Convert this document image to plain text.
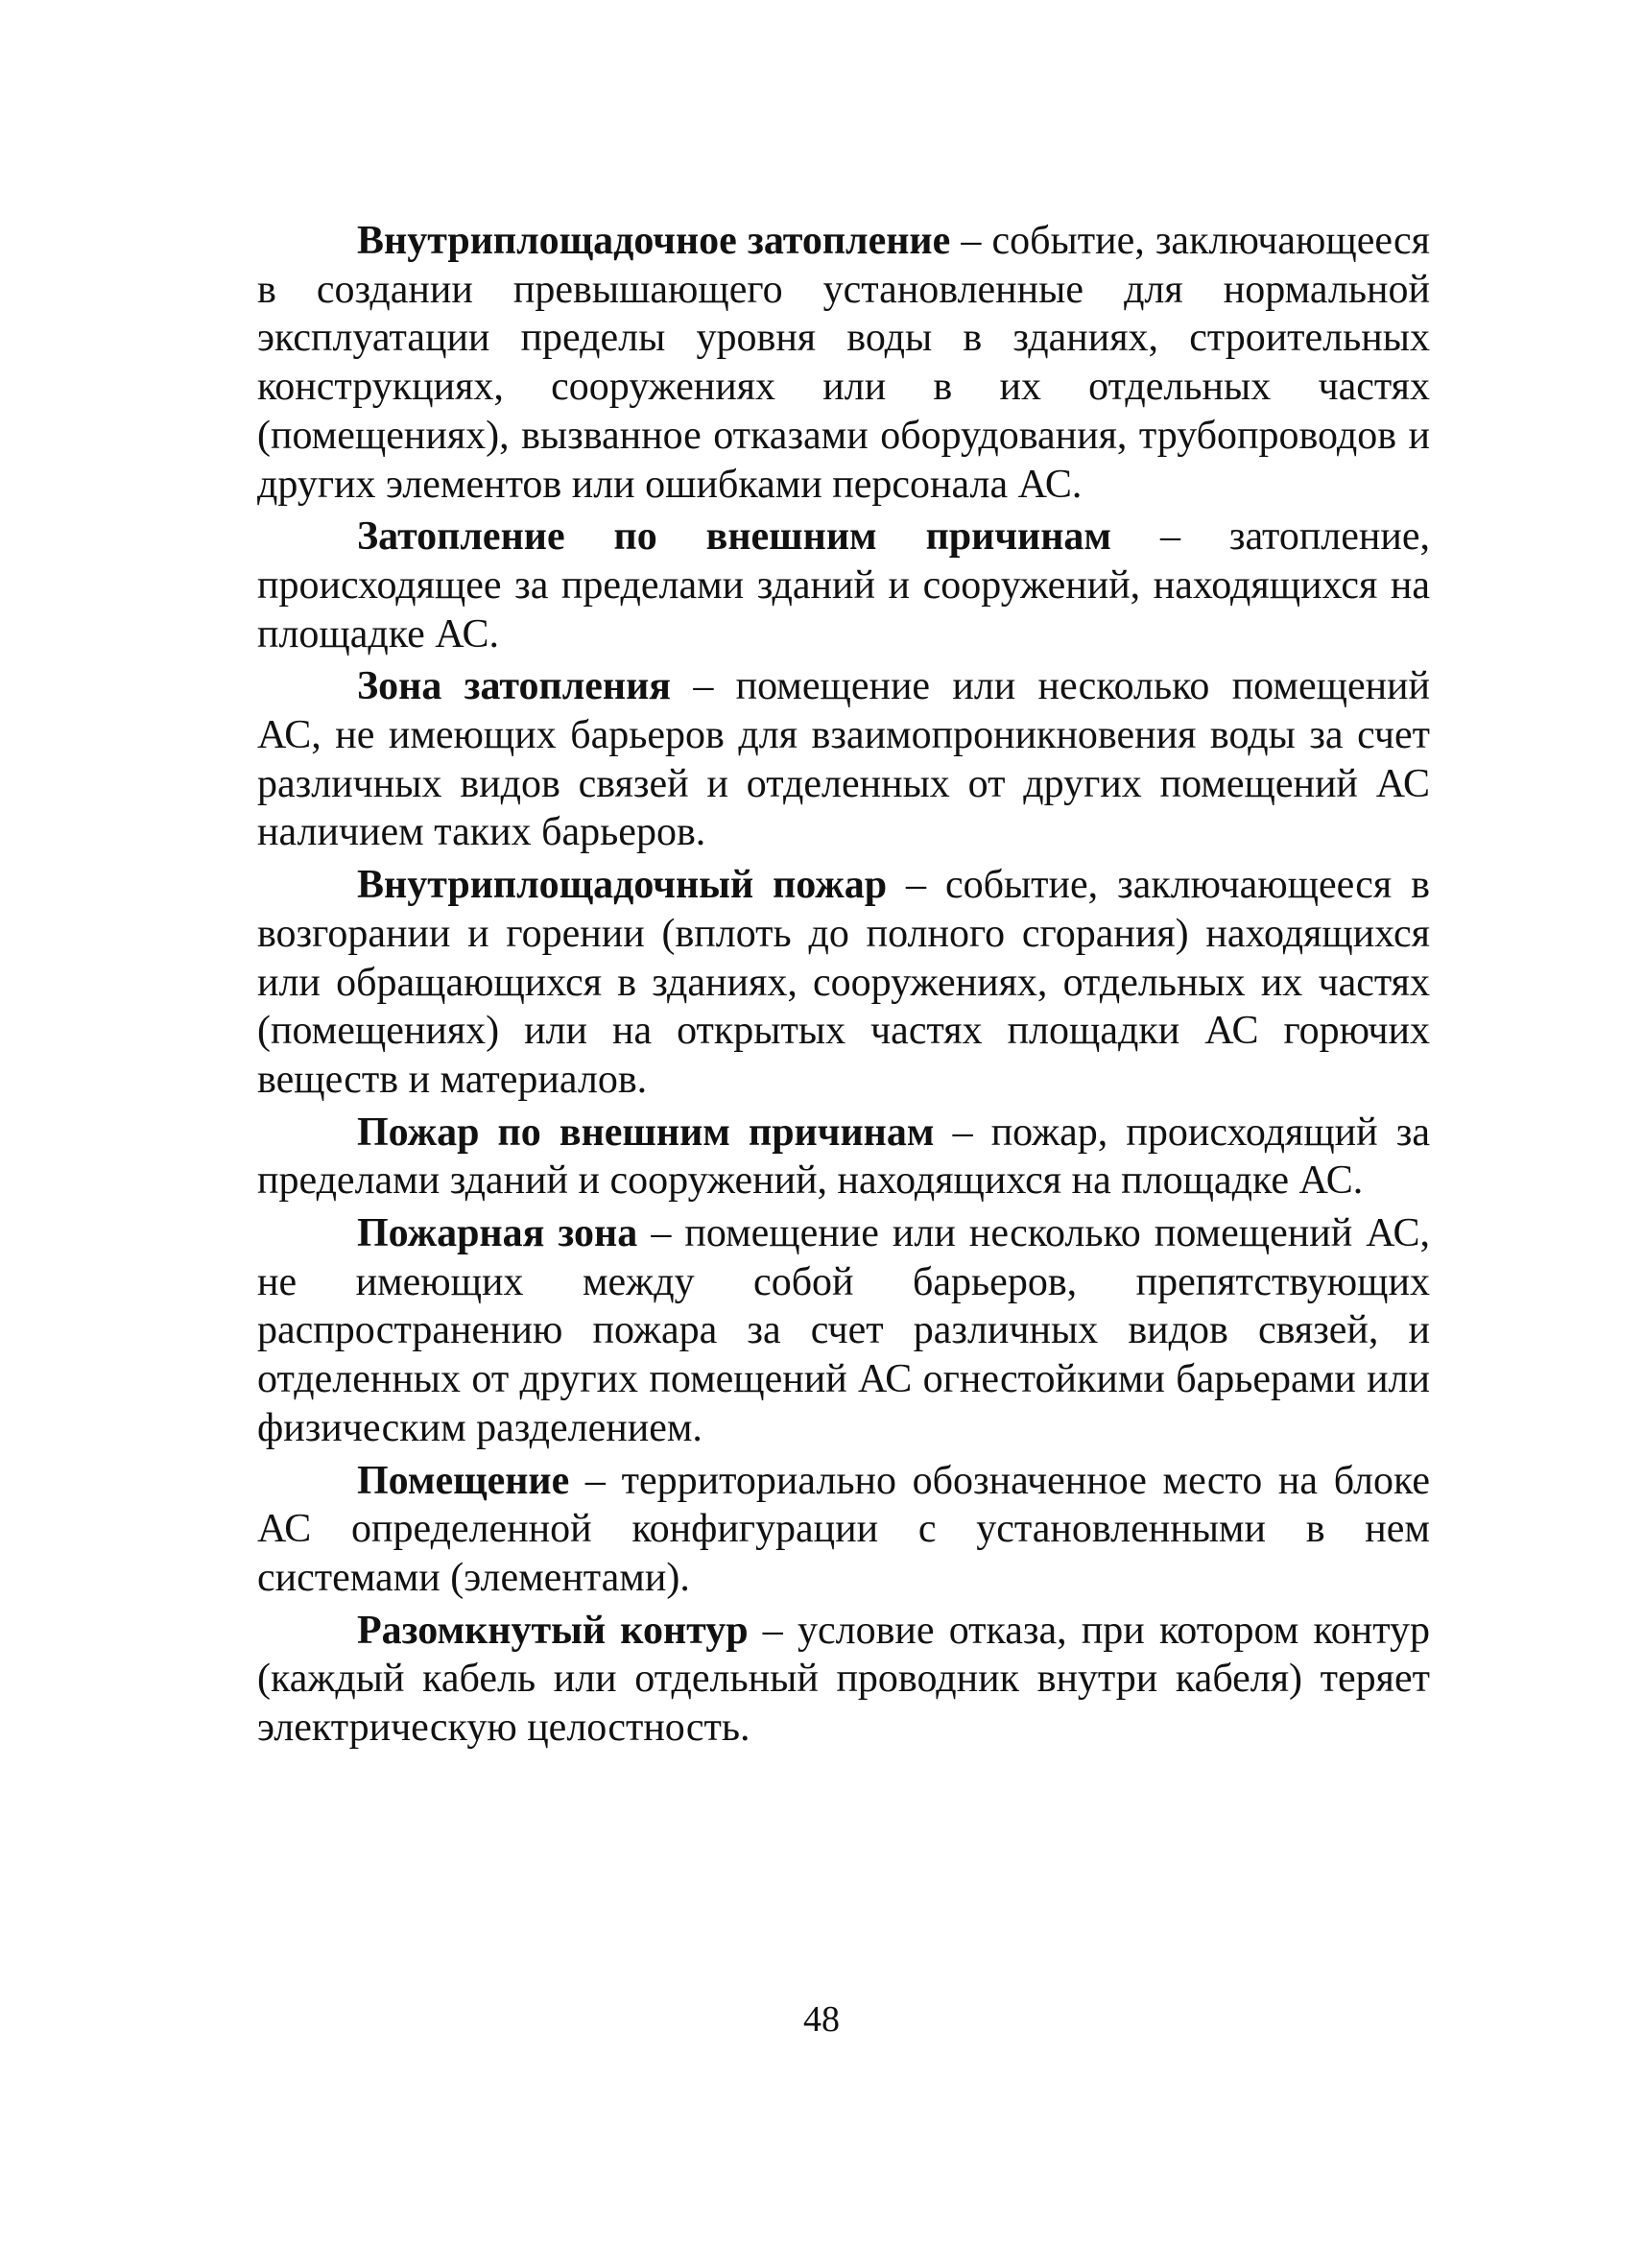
Внутриплощадочное затопление – событие, заключающееся в создании превышающего установленные для нормальной эксплуатации пределы уровня воды в зданиях, строительных конструкциях, сооружениях или в их отдельных частях (помещениях), вызванное отказами оборудования, трубопроводов и других элементов или ошибками персонала АС.

Затопление по внешним причинам – затопление, происходящее за пределами зданий и сооружений, находящихся на площадке АС.

Зона затопления – помещение или несколько помещений АС, не имеющих барьеров для взаимопроникновения воды за счет различных видов связей и отделенных от других помещений АС наличием таких барьеров.

Внутриплощадочный пожар – событие, заключающееся в возгорании и горении (вплоть до полного сгорания) находящихся или обращающихся в зданиях, сооружениях, отдельных их частях (помещениях) или на открытых частях площадки АС горючих веществ и материалов.

Пожар по внешним причинам – пожар, происходящий за пределами зданий и сооружений, находящихся на площадке АС.

Пожарная зона – помещение или несколько помещений АС, не имеющих между собой барьеров, препятствующих распространению пожара за счет различных видов связей, и отделенных от других помещений АС огнестойкими барьерами или физическим разделением.

Помещение – территориально обозначенное место на блоке АС определенной конфигурации с установленными в нем системами (элементами).

Разомкнутый контур – условие отказа, при котором контур (каждый кабель или отдельный проводник внутри кабеля) теряет электрическую целостность.

48
